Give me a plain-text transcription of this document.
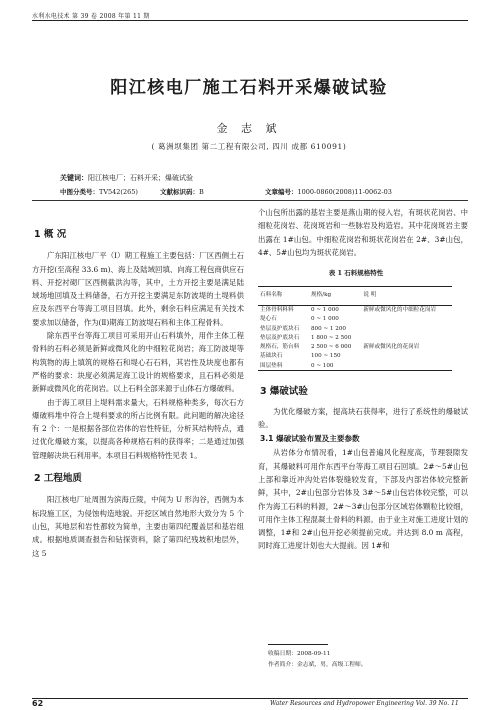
水利水电技术 第 39 卷 2008 年第 11 期
阳江核电厂施工石料开采爆破试验
金 志 斌
( 葛洲坝集团 第二工程有限公司, 四川 成都 610091)
关键词：阳江核电厂；石料开采；爆破试验
中图分类号：TV542(265)	文献标识码：B	文章编号：1000-0860(2008)11-0062-03
1 概 况

广东阳江核电厂平（Ⅰ）期工程施工主要包括：厂区西侧土石方开挖(至高程 33.6 m)、海上及陆域回填、向海工程包商供应石料、开挖衬砌厂区西侧截洪沟等，其中，土方开挖主要是满足陆域场地回填及土料储备，石方开挖主要满足东防波堤的土堤料供应及东西平台等海工项目回填。此外，剩余石料应满足有关技术要求加以储备，作为(Ⅱ)期海工防波堤石料和主体工程骨料。

除东西平台等海工项目可采用开山石料填外，用作主体工程骨料的石料必须是新鲜或微风化的中细粒花岗岩；海工防波堤等构筑物的海上填筑的规格石和堤心石石料，其岩性及块度也都有严格的要求：块度必须满足海工设计的规格要求，且石料必须是新鲜或微风化的花岗岩。以上石料全部来源于山体石方爆破料。

由于海工项目上堤料需求量大，石料规格种类多，每次石方爆破料堆中符合上堤料要求的所占比例有限。此问题的解决途径有 2 个：一是根据各部位岩体的岩性特征，分析其结构特点，通过优化爆破方案，以提高各种规格石料的获得率；二是通过加强管理解决块石利用率。本项目石料规格特性见表 1。

2 工程地质

阳江核电厂址周围为滨海丘陵，中间为 U 形沟谷，西侧为本标段施工区，为侵蚀构造地貌。开挖区域自然地形大致分为 5 个山包，其地层和岩性都较为简单，主要由第四纪覆盖层和基岩组成。根据地质调查报告和钻探资料，除了第四纪残坡积地层外，这 5

个山包所出露的基岩主要是燕山期的侵入岩，有斑状花岗岩、中细粒花岗岩、花岗斑岩和一些脉岩及构造岩。其中花岗斑岩主要出露在 1#山包。中细粒花岗岩和斑状花岗岩在 2#、3#山包，4#、5#山包均为斑状花岗岩。

表 1 石料规格特性
石料名称	规格/kg	说 明
主体骨料料料	0 ~ 1 000	新鲜或微风化的中细粒花岗岩
堤心石	0 ~ 1 000	
垫层及护底块石	800 ~ 1 200	
垫层及护底块石	1 800 ~ 2 500	
规格石，筋台料	2 500 ~ 6 000	新鲜或微风化的花岗岩
基础块石	100 ~ 150	
围层垫料	0 ~ 100	
3 爆破试验

为优化爆破方案，提高块石获得率，进行了系统性的爆破试验。

3.1 爆破试验布置及主要参数

从岩体分布情况看，1#山包普遍风化程度高，节理裂隙发育，其爆破料可用作东西平台等海工项目石回填。2#～5#山包上部和靠近冲沟处岩体裂缝较发育，下部及内部岩体较完整新鲜，其中，2#山包部分岩体及 3#～5#山包岩体较完整，可以作为海工石料的料源，2#～3#山包部分区域岩体颗粒比较细，可用作主体工程混凝土骨料的料源。由于业主对施工进度计划的调整，1#和 2#山包开挖必须提前完成。并达到 8.0 m 高程，同时海工进度计划也大大提前。因 1#和

收稿日期：2008-09-11
作者简介：金志斌，男，高级工程师。
62	Water Resources and Hydropower Engineering Vol. 39 No. 11
